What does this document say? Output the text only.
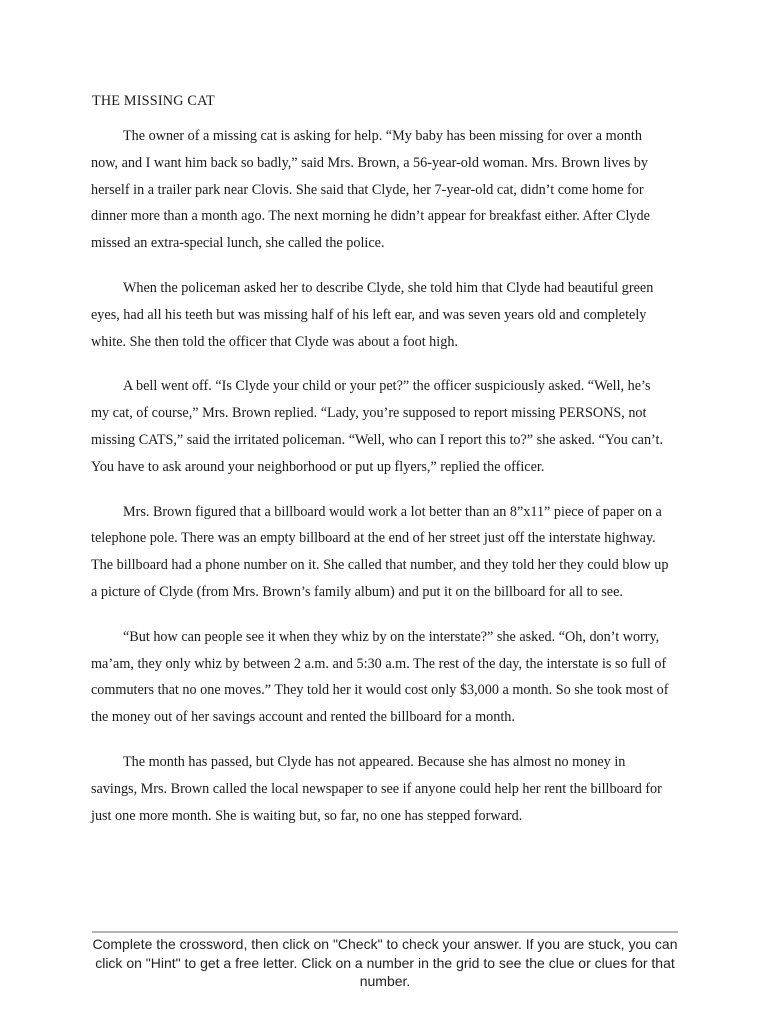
THE MISSING CAT

The owner of a missing cat is asking for help. “My baby has been missing for over a month now, and I want him back so badly,” said Mrs. Brown, a 56-year-old woman. Mrs. Brown lives by herself in a trailer park near Clovis. She said that Clyde, her 7-year-old cat, didn’t come home for dinner more than a month ago. The next morning he didn’t appear for breakfast either. After Clyde missed an extra-special lunch, she called the police.

When the policeman asked her to describe Clyde, she told him that Clyde had beautiful green eyes, had all his teeth but was missing half of his left ear, and was seven years old and completely white. She then told the officer that Clyde was about a foot high.

A bell went off. “Is Clyde your child or your pet?” the officer suspiciously asked. “Well, he’s my cat, of course,” Mrs. Brown replied. “Lady, you’re supposed to report missing PERSONS, not missing CATS,” said the irritated policeman. “Well, who can I report this to?” she asked. “You can’t. You have to ask around your neighborhood or put up flyers,” replied the officer.

Mrs. Brown figured that a billboard would work a lot better than an 8”x11” piece of paper on a telephone pole. There was an empty billboard at the end of her street just off the interstate highway. The billboard had a phone number on it. She called that number, and they told her they could blow up a picture of Clyde (from Mrs. Brown’s family album) and put it on the billboard for all to see.

“But how can people see it when they whiz by on the interstate?” she asked. “Oh, don’t worry, ma’am, they only whiz by between 2 a.m. and 5:30 a.m. The rest of the day, the interstate is so full of commuters that no one moves.” They told her it would cost only $3,000 a month. So she took most of the money out of her savings account and rented the billboard for a month.

The month has passed, but Clyde has not appeared. Because she has almost no money in savings, Mrs. Brown called the local newspaper to see if anyone could help her rent the billboard for just one more month. She is waiting but, so far, no one has stepped forward.

Complete the crossword, then click on "Check" to check your answer. If you are stuck, you can click on "Hint" to get a free letter. Click on a number in the grid to see the clue or clues for that number.
